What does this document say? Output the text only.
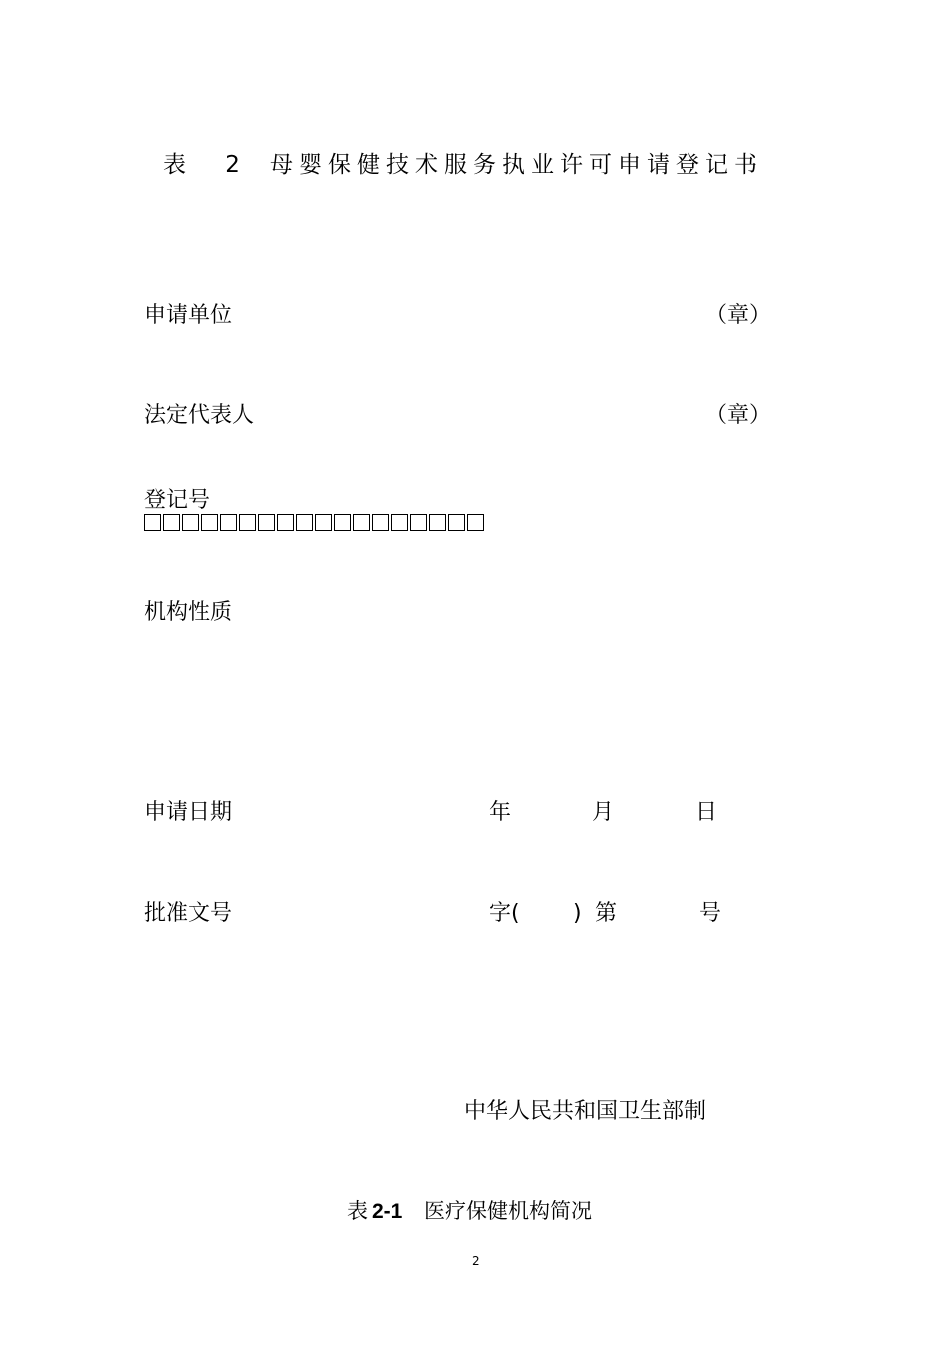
表 2 母婴保健技术服务执业许可申请登记书
申请单位	（章）
法定代表人	（章）
登记号
机构性质
申请日期	年	月	日
批准文号	字( ) 第	号
中华人民共和国卫生部制
表 2-1 医疗保健机构简况
2
